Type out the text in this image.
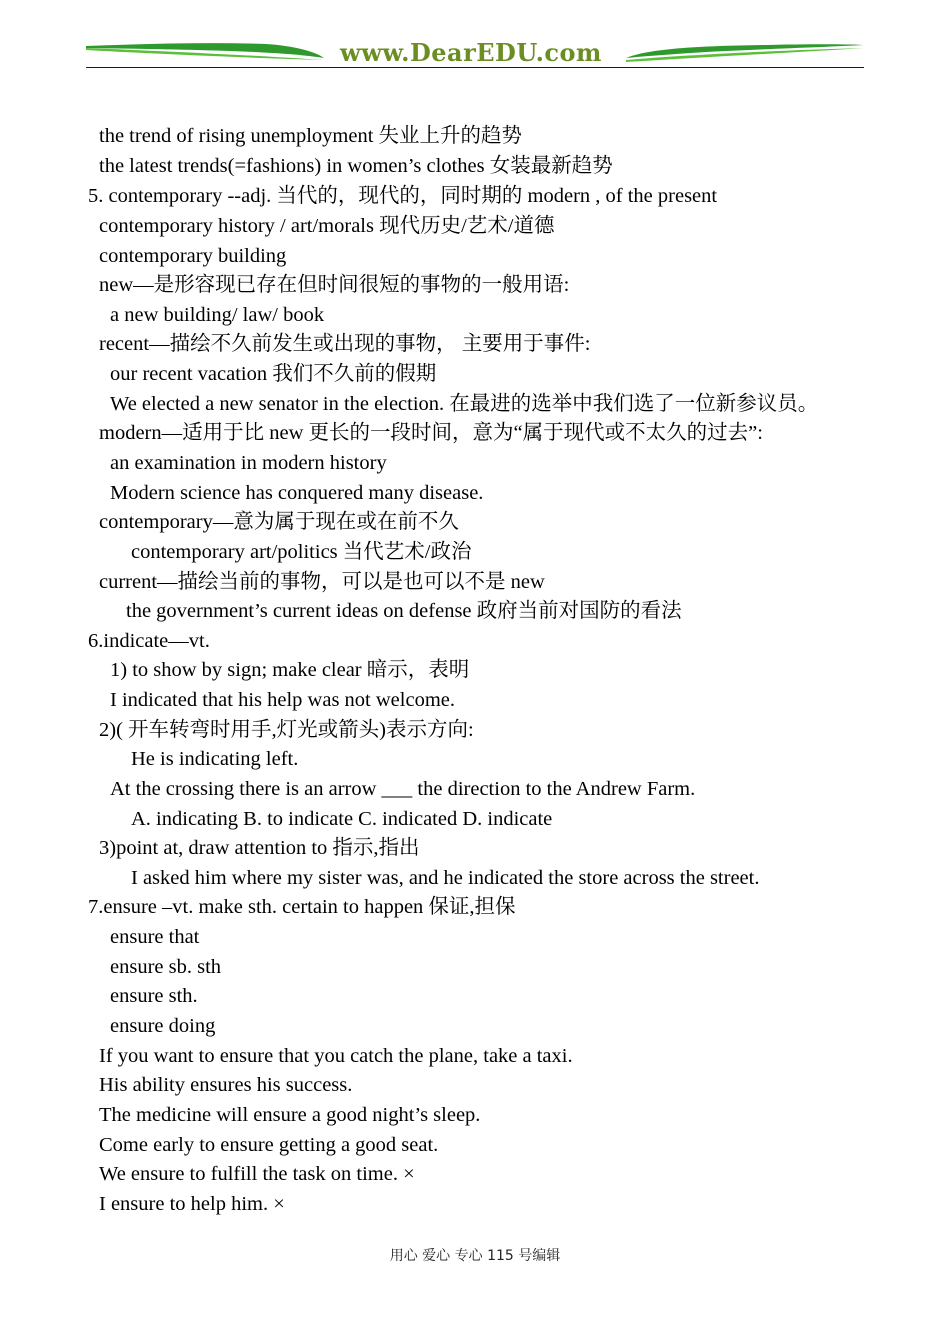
www.DearEDU.com
the trend of rising unemployment 失业上升的趋势
the latest trends(=fashions) in women’s clothes 女装最新趋势
5. contemporary --adj. 当代的，现代的，同时期的 modern , of the present
contemporary history / art/morals 现代历史/艺术/道德
contemporary building
new—是形容现已存在但时间很短的事物的一般用语:
a new building/ law/ book
recent—描绘不久前发生或出现的事物， 主要用于事件:
our recent vacation 我们不久前的假期
We elected a new senator in the election. 在最进的选举中我们选了一位新参议员。
modern—适用于比 new 更长的一段时间，意为“属于现代或不太久的过去”:
an examination in modern history
Modern science has conquered many disease.
contemporary—意为属于现在或在前不久
contemporary art/politics 当代艺术/政治
current—描绘当前的事物，可以是也可以不是 new
the government’s current ideas on defense 政府当前对国防的看法
6.indicate—vt.
1) to show by sign; make clear 暗示，表明
I indicated that his help was not welcome.
2)( 开车转弯时用手,灯光或箭头)表示方向:
He is indicating left.
At the crossing there is an arrow ___ the direction to the Andrew Farm.
A. indicating B. to indicate C. indicated D. indicate
3)point at, draw attention to 指示,指出
I asked him where my sister was, and he indicated the store across the street.
7.ensure –vt. make sth. certain to happen 保证,担保
ensure that
ensure sb. sth
ensure sth.
ensure doing
If you want to ensure that you catch the plane, take a taxi.
His ability ensures his success.
The medicine will ensure a good night’s sleep.
Come early to ensure getting a good seat.
We ensure to fulfill the task on time. ×
I ensure to help him. ×
用心 爱心 专心 115 号编辑
